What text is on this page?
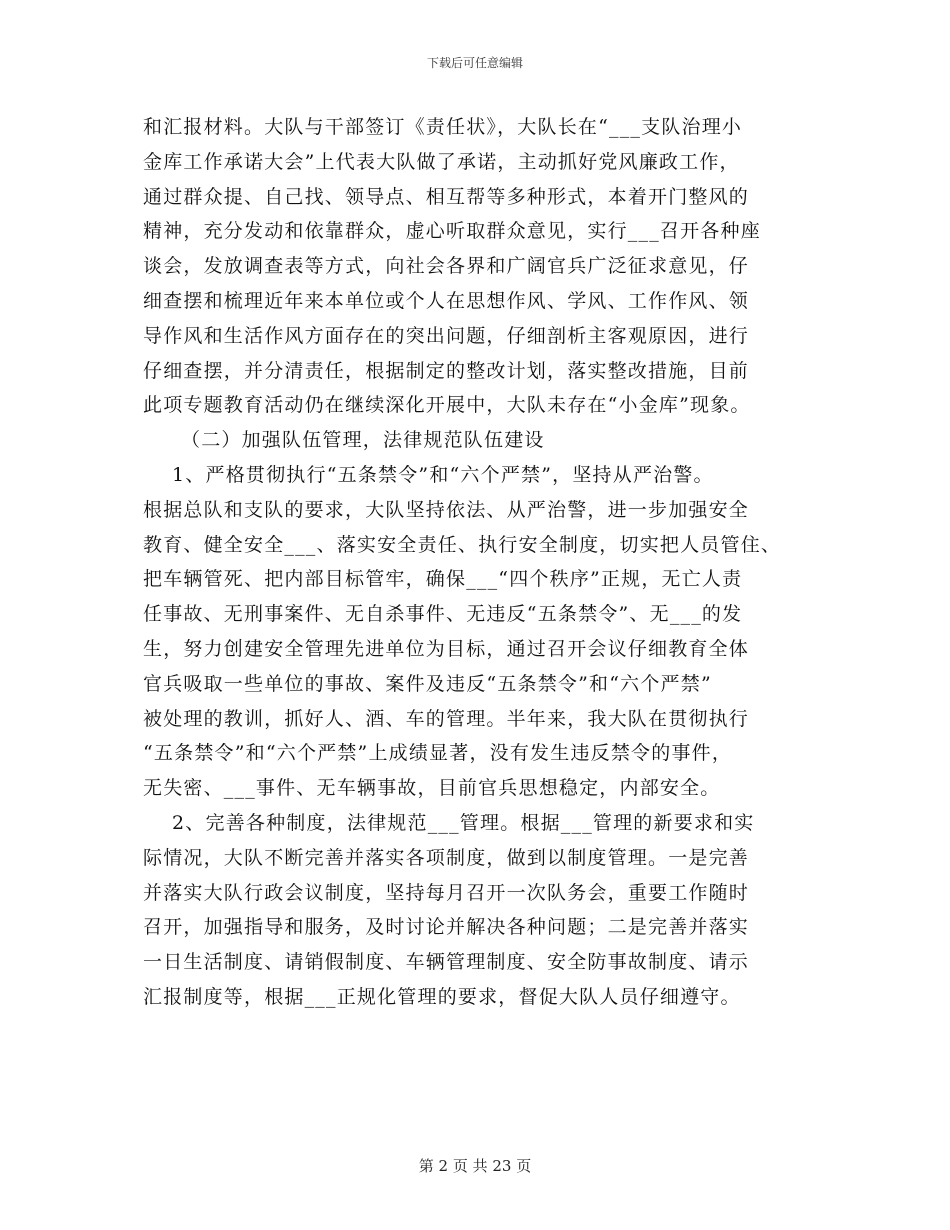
下载后可任意编辑
和汇报材料。大队与干部签订《责任状》，大队长在“___支队治理小
金库工作承诺大会”上代表大队做了承诺，主动抓好党风廉政工作，
通过群众提、自己找、领导点、相互帮等多种形式，本着开门整风的
精神，充分发动和依靠群众，虚心听取群众意见，实行___召开各种座
谈会，发放调查表等方式，向社会各界和广阔官兵广泛征求意见，仔
细查摆和梳理近年来本单位或个人在思想作风、学风、工作作风、领
导作风和生活作风方面存在的突出问题，仔细剖析主客观原因，进行
仔细查摆，并分清责任，根据制定的整改计划，落实整改措施，目前
此项专题教育活动仍在继续深化开展中，大队未存在“小金库”现象。
（二）加强队伍管理，法律规范队伍建设
1、严格贯彻执行“五条禁令”和“六个严禁”，坚持从严治警。
根据总队和支队的要求，大队坚持依法、从严治警，进一步加强安全
教育、健全安全___、落实安全责任、执行安全制度，切实把人员管住、
把车辆管死、把内部目标管牢，确保___“四个秩序”正规，无亡人责
任事故、无刑事案件、无自杀事件、无违反“五条禁令”、无___的发
生，努力创建安全管理先进单位为目标，通过召开会议仔细教育全体
官兵吸取一些单位的事故、案件及违反“五条禁令”和“六个严禁”
被处理的教训，抓好人、酒、车的管理。半年来，我大队在贯彻执行
“五条禁令”和“六个严禁”上成绩显著，没有发生违反禁令的事件，
无失密、___事件、无车辆事故，目前官兵思想稳定，内部安全。
2、完善各种制度，法律规范___管理。根据___管理的新要求和实
际情况，大队不断完善并落实各项制度，做到以制度管理。一是完善
并落实大队行政会议制度，坚持每月召开一次队务会，重要工作随时
召开，加强指导和服务，及时讨论并解决各种问题；二是完善并落实
一日生活制度、请销假制度、车辆管理制度、安全防事故制度、请示
汇报制度等，根据___正规化管理的要求，督促大队人员仔细遵守。
第 2 页 共 23 页
